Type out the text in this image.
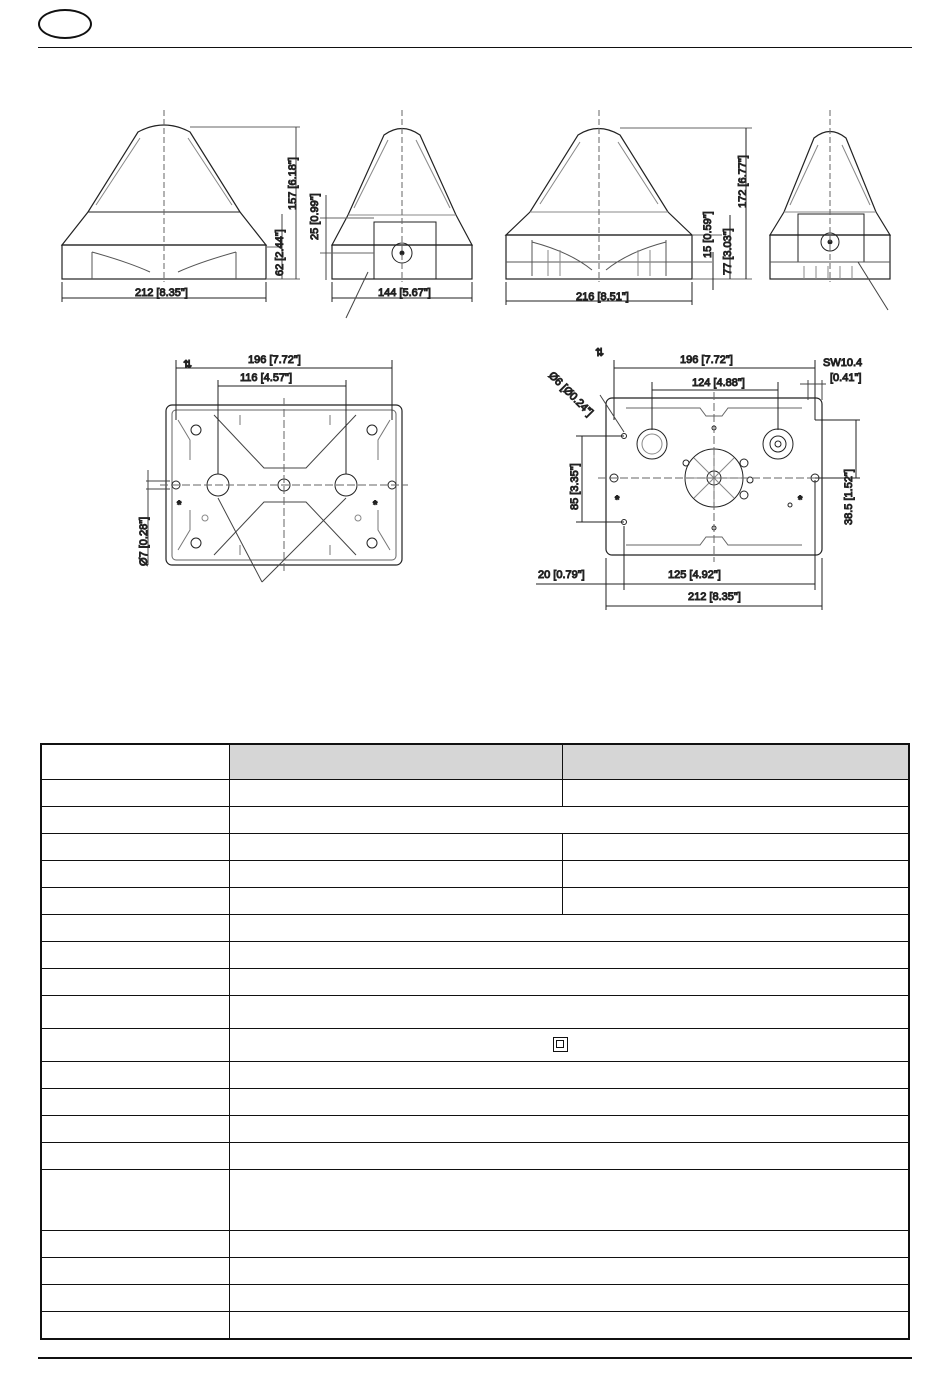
157 [6.18"]
62 [2.44"]
212 [8.35"]
25 [0.99"]
144 [5.67"]
172 [6.77"]
77 [3.03"]
15 [0.59"]
216 [8.51"]
⇅	196 [7.72"]
116 [4.57"]
Ø7 [0.28"]
*	*
⇅
Ø6 [Ø0.24"]
196 [7.72"]
124 [4.88"]
SW10.4
[0.41"]
85 [3.35"]	38.5 [1.52"]
20 [0.79"]	125 [4.92"]
212 [8.35"]
*	*
